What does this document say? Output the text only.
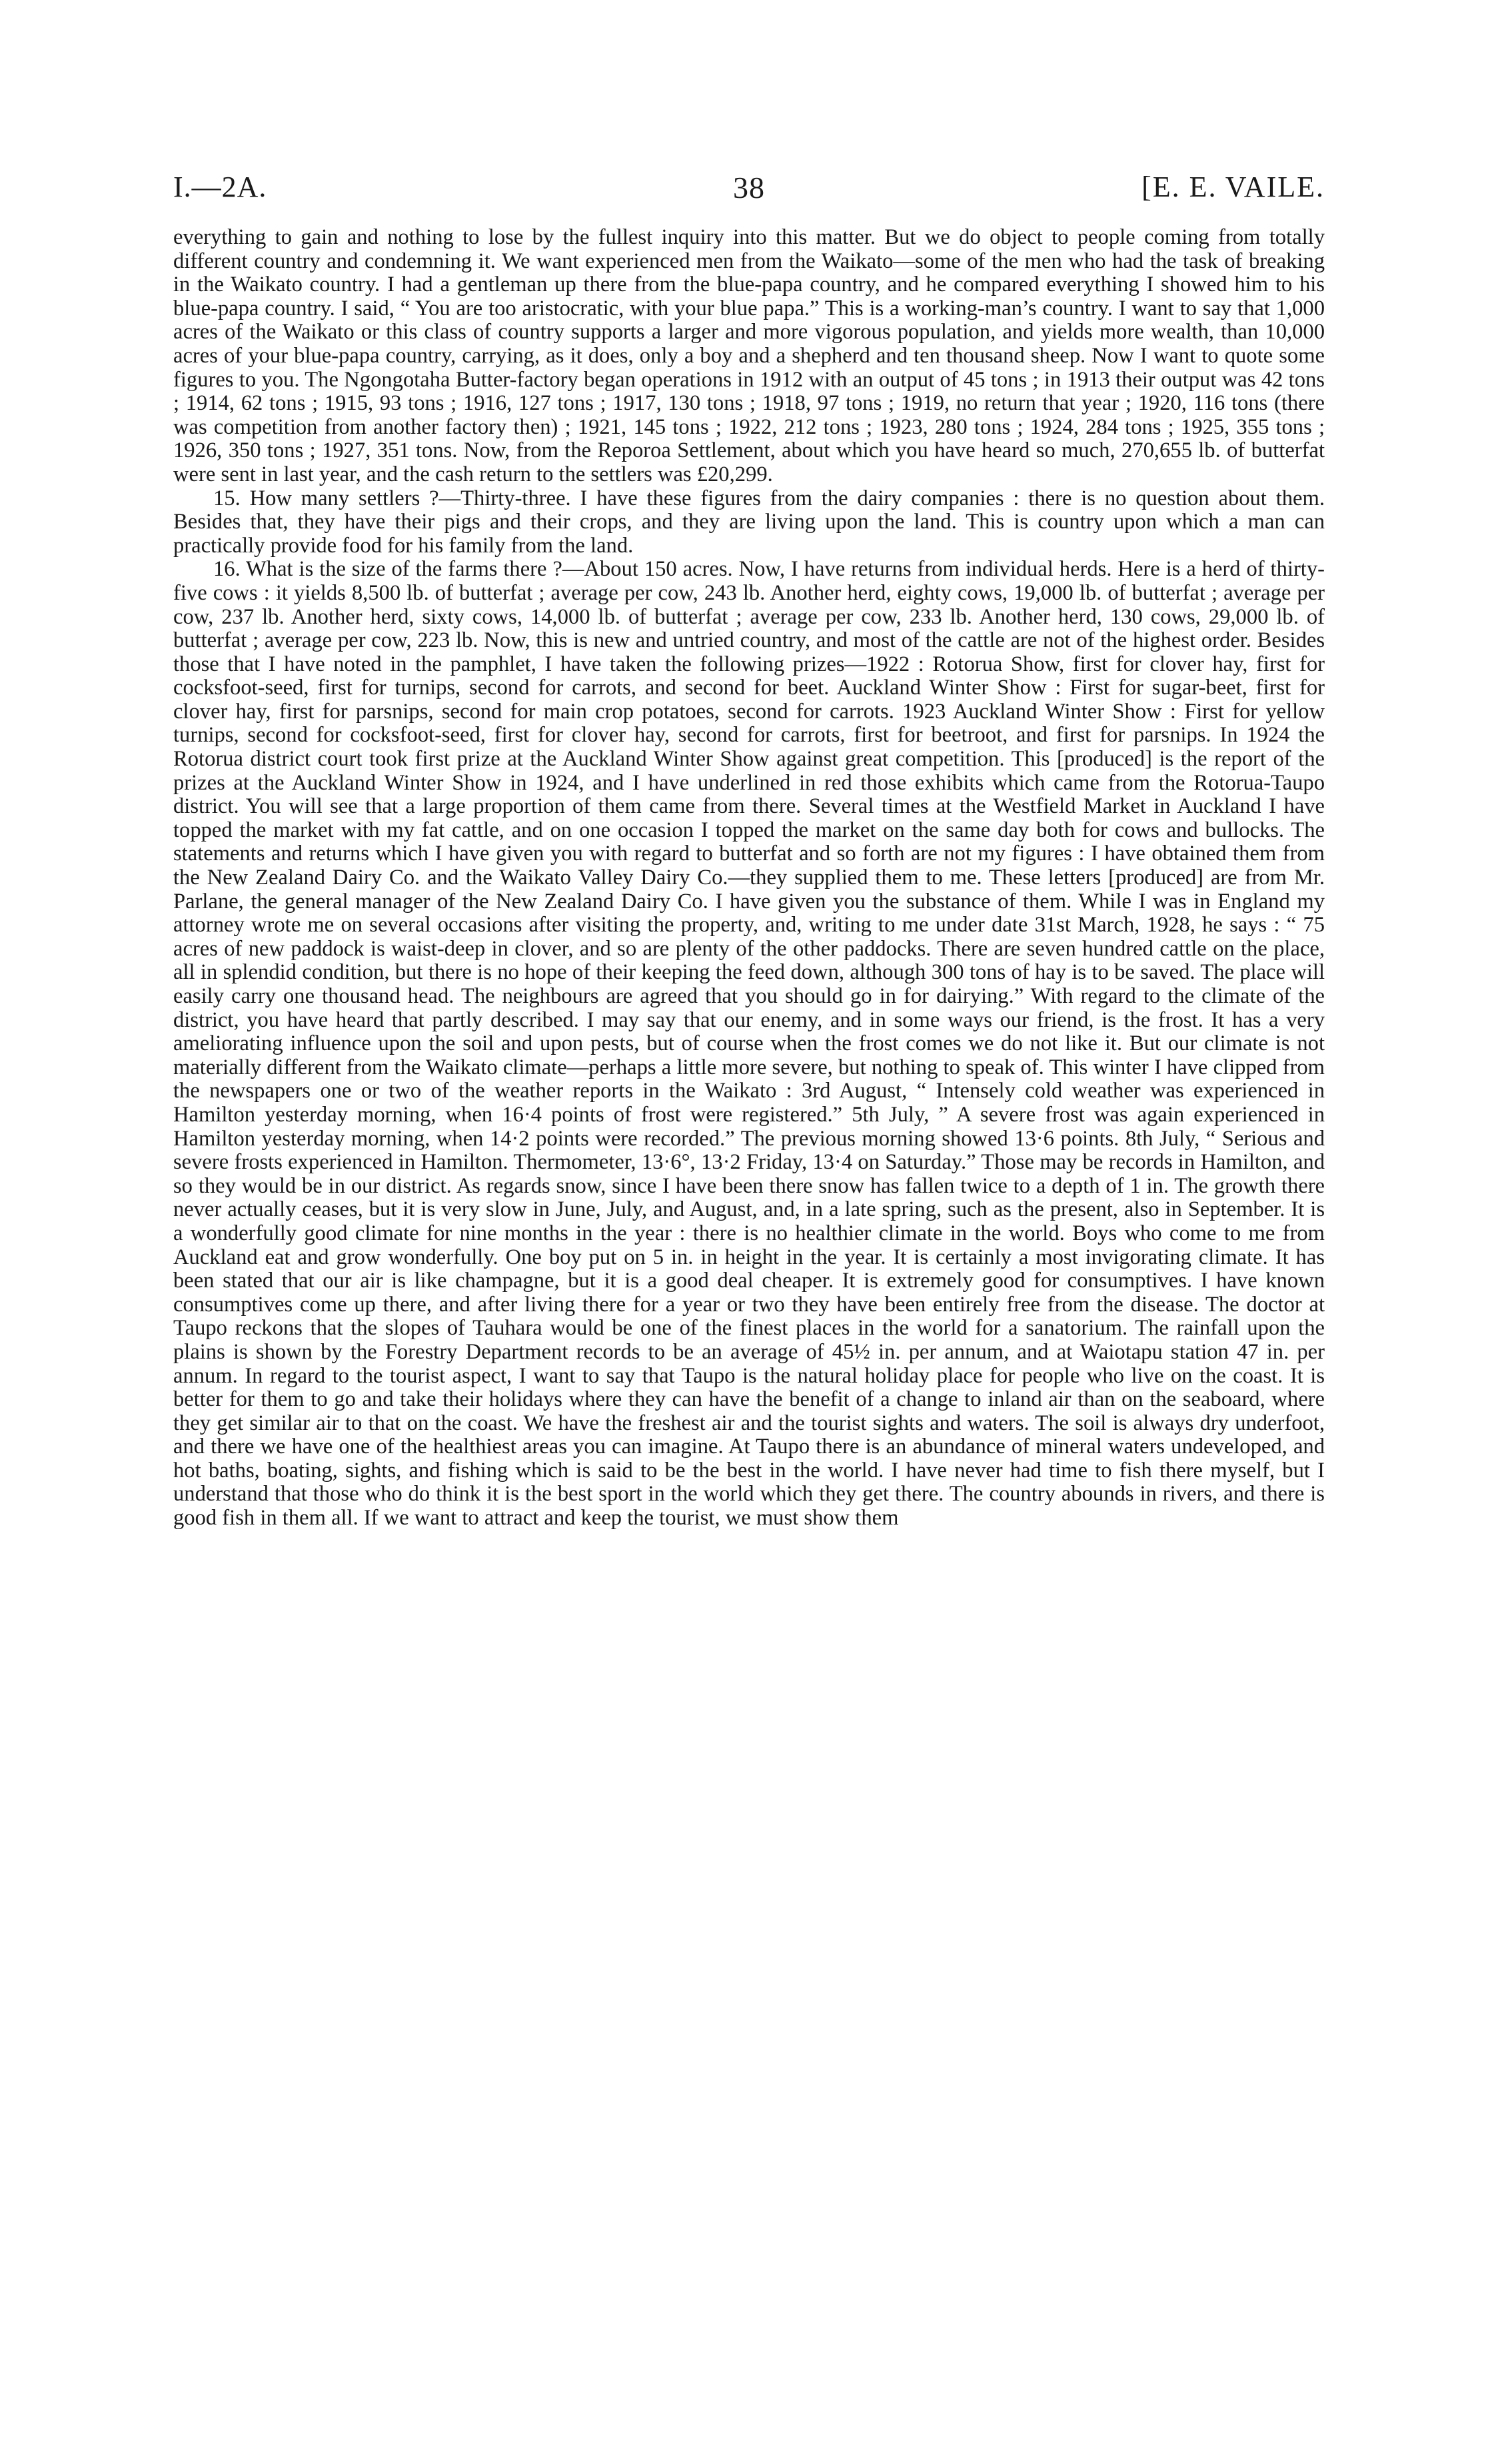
I.—2A.	38	[E. E. VAILE.

everything to gain and nothing to lose by the fullest inquiry into this matter. But we do object to people coming from totally different country and condemning it. We want experienced men from the Waikato—some of the men who had the task of breaking in the Waikato country. I had a gentleman up there from the blue-papa country, and he compared everything I showed him to his blue-papa country. I said, “ You are too aristocratic, with your blue papa.” This is a working-man’s country. I want to say that 1,000 acres of the Waikato or this class of country supports a larger and more vigorous population, and yields more wealth, than 10,000 acres of your blue-papa country, carrying, as it does, only a boy and a shepherd and ten thousand sheep. Now I want to quote some figures to you. The Ngongotaha Butter-factory began operations in 1912 with an output of 45 tons ; in 1913 their output was 42 tons ; 1914, 62 tons ; 1915, 93 tons ; 1916, 127 tons ; 1917, 130 tons ; 1918, 97 tons ; 1919, no return that year ; 1920, 116 tons (there was competition from another factory then) ; 1921, 145 tons ; 1922, 212 tons ; 1923, 280 tons ; 1924, 284 tons ; 1925, 355 tons ; 1926, 350 tons ; 1927, 351 tons. Now, from the Reporoa Settlement, about which you have heard so much, 270,655 lb. of butterfat were sent in last year, and the cash return to the settlers was £20,299.

15. How many settlers ?—Thirty-three. I have these figures from the dairy companies : there is no question about them. Besides that, they have their pigs and their crops, and they are living upon the land. This is country upon which a man can practically provide food for his family from the land.

16. What is the size of the farms there ?—About 150 acres. Now, I have returns from individual herds. Here is a herd of thirty-five cows : it yields 8,500 lb. of butterfat ; average per cow, 243 lb. Another herd, eighty cows, 19,000 lb. of butterfat ; average per cow, 237 lb. Another herd, sixty cows, 14,000 lb. of butterfat ; average per cow, 233 lb. Another herd, 130 cows, 29,000 lb. of butterfat ; average per cow, 223 lb. Now, this is new and untried country, and most of the cattle are not of the highest order. Besides those that I have noted in the pamphlet, I have taken the following prizes—1922 : Rotorua Show, first for clover hay, first for cocksfoot-seed, first for turnips, second for carrots, and second for beet. Auckland Winter Show : First for sugar-beet, first for clover hay, first for parsnips, second for main crop potatoes, second for carrots. 1923 Auckland Winter Show : First for yellow turnips, second for cocksfoot-seed, first for clover hay, second for carrots, first for beetroot, and first for parsnips. In 1924 the Rotorua district court took first prize at the Auckland Winter Show against great competition. This [produced] is the report of the prizes at the Auckland Winter Show in 1924, and I have underlined in red those exhibits which came from the Rotorua-Taupo district. You will see that a large proportion of them came from there. Several times at the Westfield Market in Auckland I have topped the market with my fat cattle, and on one occasion I topped the market on the same day both for cows and bullocks. The statements and returns which I have given you with regard to butterfat and so forth are not my figures : I have obtained them from the New Zealand Dairy Co. and the Waikato Valley Dairy Co.—they supplied them to me. These letters [produced] are from Mr. Parlane, the general manager of the New Zealand Dairy Co. I have given you the substance of them. While I was in England my attorney wrote me on several occasions after visiting the property, and, writing to me under date 31st March, 1928, he says : “ 75 acres of new paddock is waist-deep in clover, and so are plenty of the other paddocks. There are seven hundred cattle on the place, all in splendid condition, but there is no hope of their keeping the feed down, although 300 tons of hay is to be saved. The place will easily carry one thousand head. The neighbours are agreed that you should go in for dairying.” With regard to the climate of the district, you have heard that partly described. I may say that our enemy, and in some ways our friend, is the frost. It has a very ameliorating influence upon the soil and upon pests, but of course when the frost comes we do not like it. But our climate is not materially different from the Waikato climate—perhaps a little more severe, but nothing to speak of. This winter I have clipped from the newspapers one or two of the weather reports in the Waikato : 3rd August, “ Intensely cold weather was experienced in Hamilton yesterday morning, when 16·4 points of frost were registered.” 5th July, ” A severe frost was again experienced in Hamilton yesterday morning, when 14·2 points were recorded.” The previous morning showed 13·6 points. 8th July, “ Serious and severe frosts experienced in Hamilton. Thermometer, 13·6°, 13·2 Friday, 13·4 on Saturday.” Those may be records in Hamilton, and so they would be in our district. As regards snow, since I have been there snow has fallen twice to a depth of 1 in. The growth there never actually ceases, but it is very slow in June, July, and August, and, in a late spring, such as the present, also in September. It is a wonderfully good climate for nine months in the year : there is no healthier climate in the world. Boys who come to me from Auckland eat and grow wonderfully. One boy put on 5 in. in height in the year. It is certainly a most invigorating climate. It has been stated that our air is like champagne, but it is a good deal cheaper. It is extremely good for consumptives. I have known consumptives come up there, and after living there for a year or two they have been entirely free from the disease. The doctor at Taupo reckons that the slopes of Tauhara would be one of the finest places in the world for a sanatorium. The rainfall upon the plains is shown by the Forestry Department records to be an average of 45½ in. per annum, and at Waiotapu station 47 in. per annum. In regard to the tourist aspect, I want to say that Taupo is the natural holiday place for people who live on the coast. It is better for them to go and take their holidays where they can have the benefit of a change to inland air than on the seaboard, where they get similar air to that on the coast. We have the freshest air and the tourist sights and waters. The soil is always dry underfoot, and there we have one of the healthiest areas you can imagine. At Taupo there is an abundance of mineral waters undeveloped, and hot baths, boating, sights, and fishing which is said to be the best in the world. I have never had time to fish there myself, but I understand that those who do think it is the best sport in the world which they get there. The country abounds in rivers, and there is good fish in them all. If we want to attract and keep the tourist, we must show them
